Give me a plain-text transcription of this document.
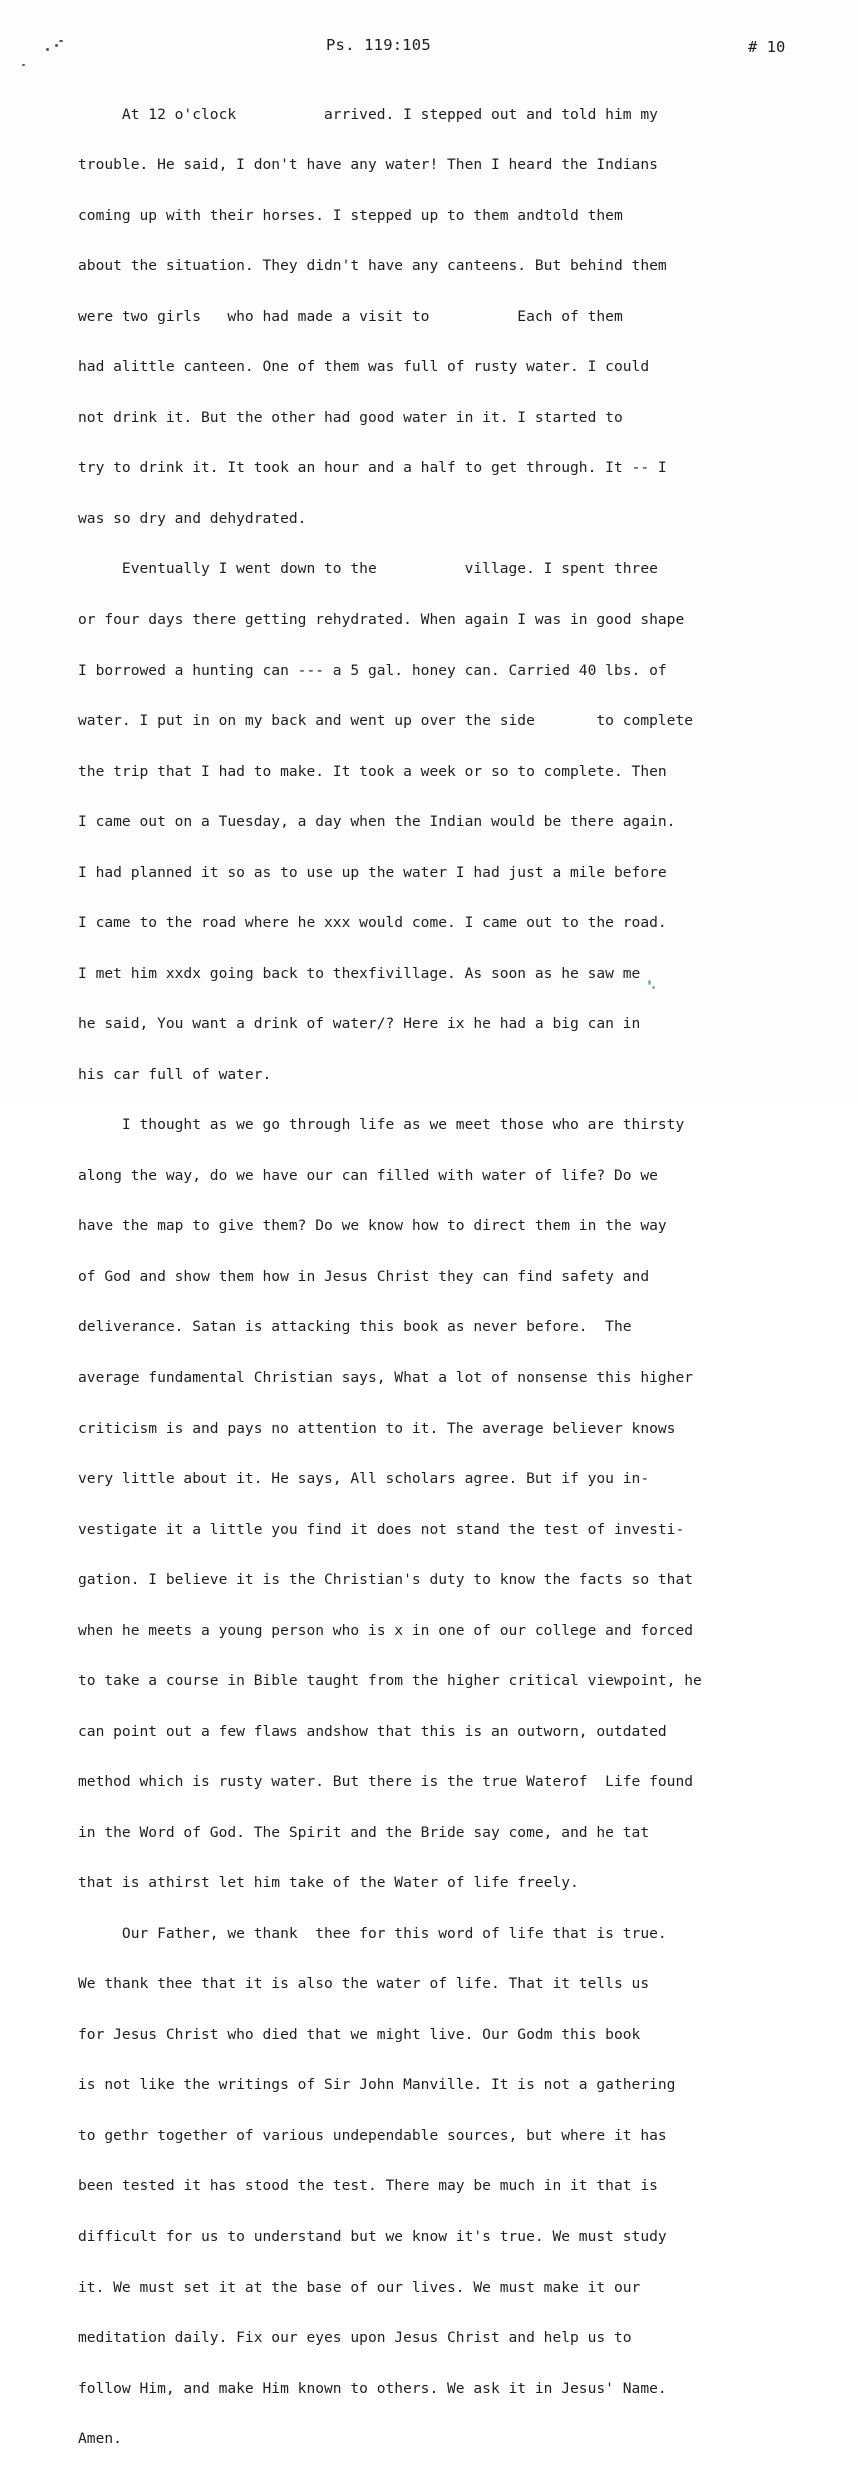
Ps. 119:105	# 10

At 12 o'clock          arrived. I stepped out and told him my

trouble. He said, I don't have any water! Then I heard the Indians

coming up with their horses. I stepped up to them andtold them

about the situation. They didn't have any canteens. But behind them

were two girls   who had made a visit to          Each of them

had alittle canteen. One of them was full of rusty water. I could

not drink it. But the other had good water in it. I started to

try to drink it. It took an hour and a half to get through. It -- I

was so dry and dehydrated.

Eventually I went down to the          village. I spent three

or four days there getting rehydrated. When again I was in good shape

I borrowed a hunting can --- a 5 gal. honey can. Carried 40 lbs. of

water. I put in on my back and went up over the side       to complete

the trip that I had to make. It took a week or so to complete. Then

I came out on a Tuesday, a day when the Indian would be there again.

I had planned it so as to use up the water I had just a mile before

I came to the road where he xxx would come. I came out to the road.

I met him xxdx going back to thexfivillage. As soon as he saw me

he said, You want a drink of water/? Here ix he had a big can in

his car full of water.

I thought as we go through life as we meet those who are thirsty

along the way, do we have our can filled with water of life? Do we

have the map to give them? Do we know how to direct them in the way

of God and show them how in Jesus Christ they can find safety and

deliverance. Satan is attacking this book as never before.  The

average fundamental Christian says, What a lot of nonsense this higher

criticism is and pays no attention to it. The average believer knows

very little about it. He says, All scholars agree. But if you in-

vestigate it a little you find it does not stand the test of investi-

gation. I believe it is the Christian's duty to know the facts so that

when he meets a young person who is x in one of our college and forced

to take a course in Bible taught from the higher critical viewpoint, he

can point out a few flaws andshow that this is an outworn, outdated

method which is rusty water. But there is the true Waterof  Life found

in the Word of God. The Spirit and the Bride say come, and he tat

that is athirst let him take of the Water of life freely.

Our Father, we thank  thee for this word of life that is true.

We thank thee that it is also the water of life. That it tells us

for Jesus Christ who died that we might live. Our Godm this book

is not like the writings of Sir John Manville. It is not a gathering

to gethr together of various undependable sources, but where it has

been tested it has stood the test. There may be much in it that is

difficult for us to understand but we know it's true. We must study

it. We must set it at the base of our lives. We must make it our

meditation daily. Fix our eyes upon Jesus Christ and help us to

follow Him, and make Him known to others. We ask it in Jesus' Name.

Amen.
